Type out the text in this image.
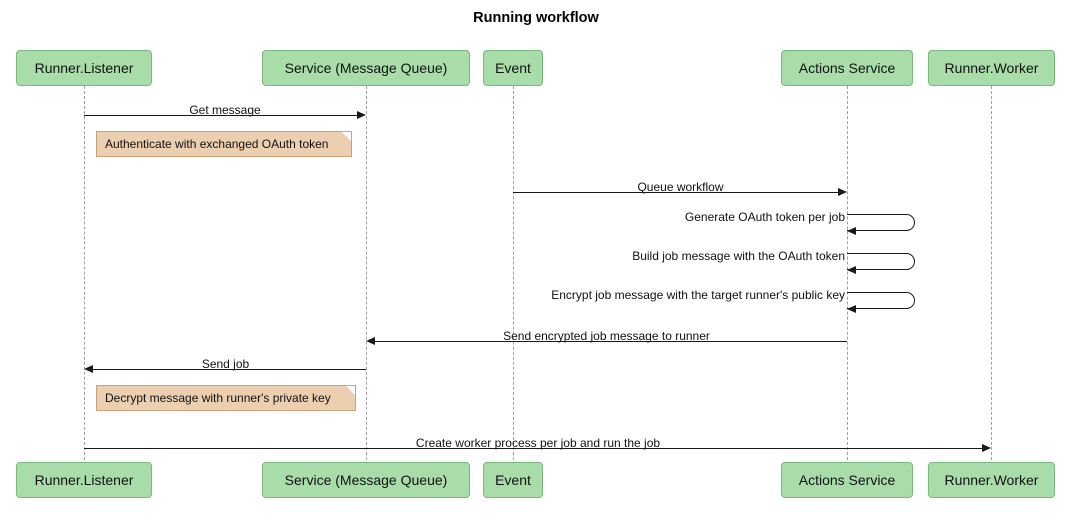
Running workflow
Runner.Listener	Service (Message Queue)	Event	Actions Service	Runner.Worker
Runner.Listener	Service (Message Queue)	Event	Actions Service	Runner.Worker
Get message
Authenticate with exchanged OAuth token
Queue workflow
Generate OAuth token per job
Build job message with the OAuth token
Encrypt job message with the target runner's public key
Send encrypted job message to runner
Send job
Decrypt message with runner's private key
Create worker process per job and run the job
